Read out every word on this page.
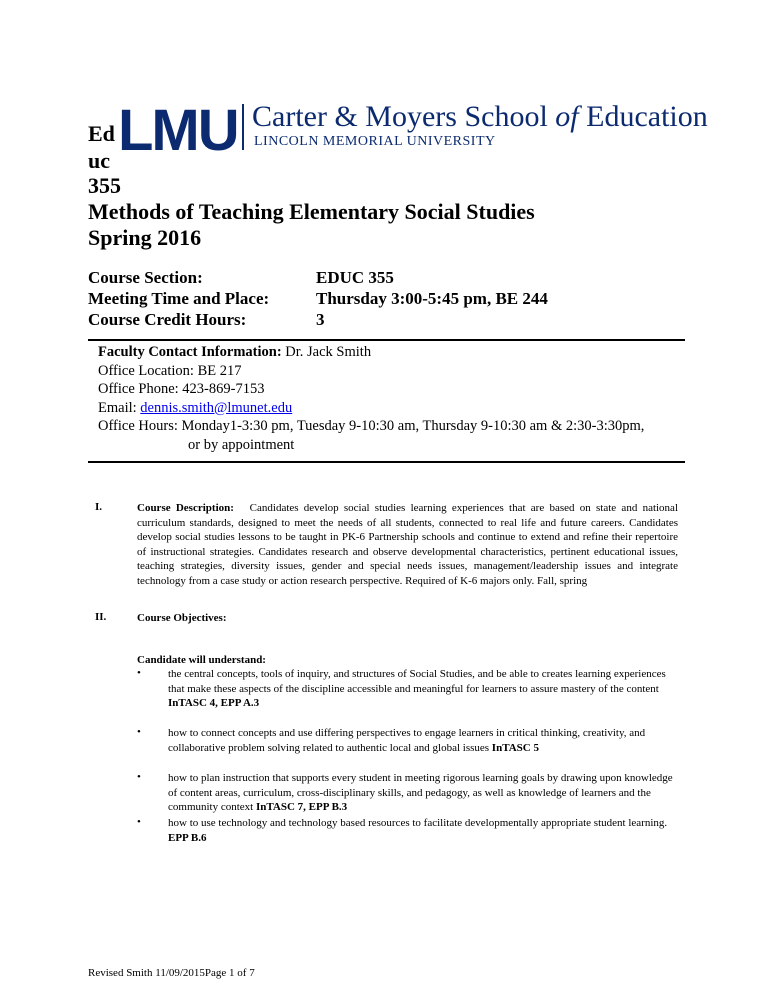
Ed
uc
355
Methods of Teaching Elementary Social Studies
Spring 2016
LMU Carter & Moyers School of Education
LINCOLN MEMORIAL UNIVERSITY
Course Section:
Meeting Time and Place:
Course Credit Hours:
EDUC 355
Thursday 3:00-5:45 pm, BE 244
3
Faculty Contact Information: Dr. Jack Smith
Office Location: BE 217
Office Phone: 423-869-7153
Email: dennis.smith@lmunet.edu
Office Hours: Monday1-3:30 pm, Tuesday 9-10:30 am, Thursday 9-10:30 am & 2:30-3:30pm,
or by appointment
I.	Course Description: Candidates develop social studies learning experiences that are based on state and national curriculum standards, designed to meet the needs of all students, connected to real life and future careers. Candidates develop social studies lessons to be taught in PK-6 Partnership schools and continue to extend and refine their repertoire of instructional strategies. Candidates research and observe developmental characteristics, pertinent educational issues, teaching strategies, diversity issues, gender and special needs issues, management/leadership issues and integrate technology from a case study or action research perspective. Required of K-6 majors only. Fall, spring
II.	Course Objectives:
Candidate will understand:
• the central concepts, tools of inquiry, and structures of Social Studies, and be able to creates learning experiences that make these aspects of the discipline accessible and meaningful for learners to assure mastery of the content InTASC 4, EPP A.3
• how to connect concepts and use differing perspectives to engage learners in critical thinking, creativity, and collaborative problem solving related to authentic local and global issues InTASC 5
• how to plan instruction that supports every student in meeting rigorous learning goals by drawing upon knowledge of content areas, curriculum, cross-disciplinary skills, and pedagogy, as well as knowledge of learners and the community context InTASC 7, EPP B.3
• how to use technology and technology based resources to facilitate developmentally appropriate student learning. EPP B.6
Revised Smith 11/09/2015Page 1 of 7
